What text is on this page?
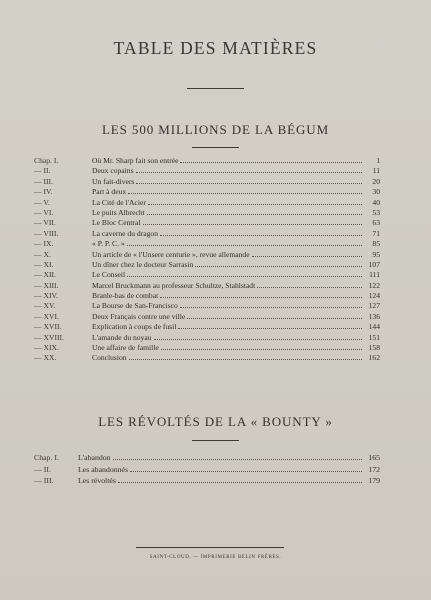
TABLE DES MATIÈRES
LES 500 MILLIONS DE LA BÉGUM
Chap. I.	Où Mr. Sharp fait son entrée	1
— II.	Deux copains	11
— III.	Un fait-divers	20
— IV.	Part à deux	30
— V.	La Cité de l'Acier	40
— VI.	Le puits Albrecht	53
— VII.	Le Bloc Central	63
— VIII.	La caverne du dragon	71
— IX.	« P. P. C. »	85
— X.	Un article de « l'Unsere centurie », revue allemande	95
— XI.	Un dîner chez le docteur Sarrasin	107
— XII.	Le Conseil	111
— XIII.	Marcel Bruckmann au professeur Schultze, Stahlstadt	122
— XIV.	Branle-bas de combat	124
— XV.	La Bourse de San-Francisco	127
— XVI.	Deux Français contre une ville	136
— XVII.	Explication à coups de fusil	144
— XVIII.	L'amande du noyau	151
— XIX.	Une affaire de famille	158
— XX.	Conclusion	162
LES RÉVOLTÉS DE LA « BOUNTY »
Chap. I.	L'abandon	165
— II.	Les abandonnés	172
— III.	Les révoltés	179
SAINT-CLOUD. — IMPRIMERIE BELIN FRÈRES.
